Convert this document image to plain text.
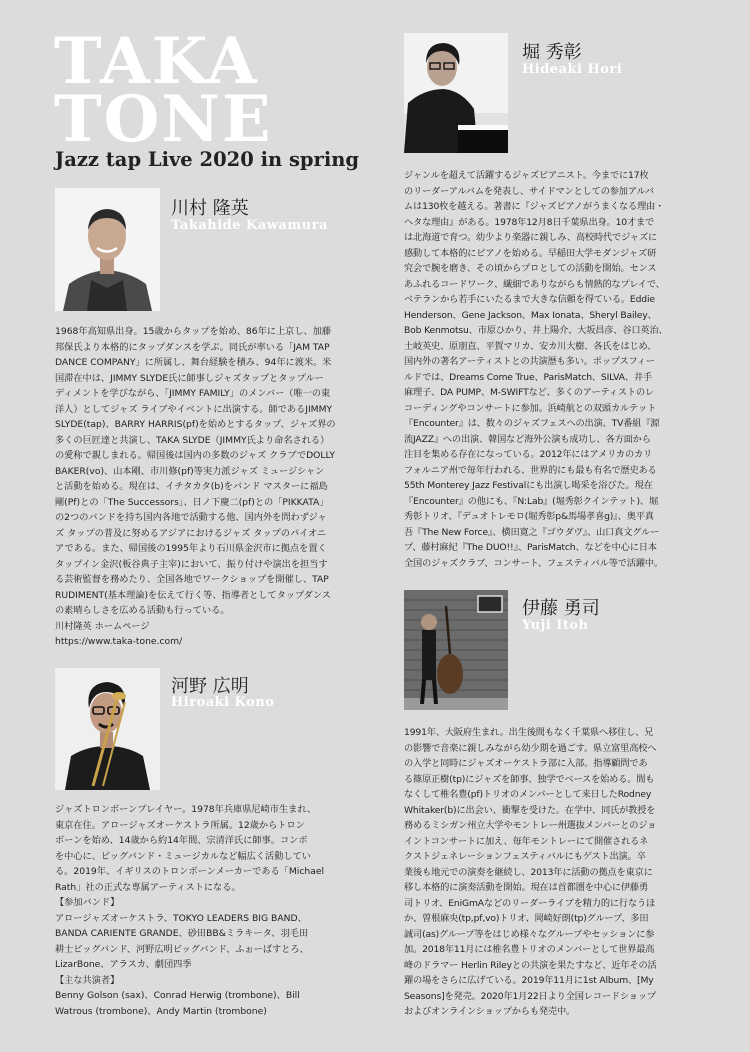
TAKA
TONE
Jazz tap Live 2020 in spring
川村 隆英
Takahide Kawamura

1968年高知県出身。15歳からタップを始め、86年に上京し、加藤

邦保氏より本格的にタップダンスを学ぶ。同氏が率いる「JAM TAP

DANCE COMPANY」に所属し、舞台経験を積み、94年に渡米。米

国滞在中は、JIMMY SLYDE氏に師事しジャズタップとタップルー

ディメントを学びながら、「JIMMY FAMILY」のメンバー（唯一の東

洋人）としてジャズ ライブやイベントに出演する。師であるJIMMY

SLYDE(tap)、BARRY HARRIS(pf)を始めとするタップ、ジャズ界の

多くの巨匠達と共演し、TAKA SLYDE（JIMMY氏より命名される）

の愛称で親しまれる。帰国後は国内の多数のジャズ クラブでDOLLY

BAKER(vo)、山本剛、市川修(pf)等実力派ジャズ ミュージシャン

と活動を始める。現在は、イチタカタ(b)をバンド マスターに福島

剛(Pf)との「The Successors」、日ノ下慶二(pf)との「PIKKATA」

の2つのバンドを持ち国内各地で活動する他、国内外を問わずジャ

ズ タップの普及に努めるアジアにおけるジャズ タップのパイオニ

アである。また、帰国後の1995年より石川県金沢市に拠点を置く

タップイン金沢(板谷典子主宰)において、振り付けや演出を担当す

る芸術監督を務めたり、全国各地でワークショップを開催し、TAP

RUDIMENT(基本理論)を伝えて行く等、指導者としてタップダンス

の素晴らしさを広める活動も行っている。

川村隆英 ホームページ

https://www.taka-tone.com/

河野 広明
Hiroaki Kono

ジャズトロンボーンプレイヤー。1978年兵庫県尼崎市生まれ、

東京在住。アロージャズオーケストラ所属。12歳からトロン

ボーンを始め、14歳から約14年間、宗清洋氏に師事。コンボ

を中心に、ビッグバンド・ミュージカルなど幅広く活動してい

る。2019年、イギリスのトロンボーンメーカーである「Michael

Rath」社の正式な専属アーティストになる。

【参加バンド】

アロージャズオーケストラ、TOKYO LEADERS BIG BAND、

BANDA CARIENTE GRANDE、砂田BB&ミラキータ、羽毛田

耕士ビッグバンド、河野広明ビッグバンド、ふぉーばすとろ、

LizarBone、アラスカ、劇団四季

【主な共演者】

Benny Golson (sax)、Conrad Herwig (trombone)、Bill

Watrous (trombone)、Andy Martin (trombone)

堀 秀彰
Hideaki Hori

ジャンルを超えて活躍するジャズピアニスト。今までに17枚

のリーダーアルバムを発表し、サイドマンとしての参加アルバ

ムは130枚を越える。著書に『ジャズピアノがうまくなる理由・

ヘタな理由』がある。1978年12月8日千葉県出身。10才まで

は北海道で育つ。幼少より楽器に親しみ、高校時代でジャズに

感動して本格的にピアノを始める。早稲田大学モダンジャズ研

究会で腕を磨き、その頃からプロとしての活動を開始。センス

あふれるコードワーク、繊細でありながらも情熱的なプレイで、

ベテランから若手にいたるまで大きな信頼を得ている。Eddie

Henderson、Gene Jackson、Max Ionata、Sheryl Bailey、

Bob Kenmotsu、市原ひかり、井上陽介、大坂昌彦、谷口英治、

土岐英史、原朋直、平賀マリカ、安カ川大樹、各氏をはじめ、

国内外の著名アーティストとの共演歴も多い。ポップスフィー

ルドでは、Dreams Come True、ParisMatch、SILVA、井手

麻理子、DA PUMP、M-SWIFTなど、多くのアーティストのレ

コーディングやコンサートに参加。浜崎航との双頭カルテット

『Encounter』は、数々のジャズフェスへの出演、TV番組『源

流JAZZ』への出演、韓国など海外公演も成功し、各方面から

注目を集める存在になっている。2012年にはアメリカのカリ

フォルニア州で毎年行われる、世界的にも最も有名で歴史ある

55th Monterey Jazz Festivalにも出演し喝采を浴びた。現在

『Encounter』の他にも、『N:Lab』(堀秀彰クインテット)、堀

秀彰トリオ、『デュオトレモロ(堀秀彰p&馬場孝喜g)』、奥平真

吾『The New Force』、横田寛之『ゴウダヴ』、山口真文グルー

プ、藤村麻紀『The DUO!!』、ParisMatch、などを中心に日本

全国のジャズクラブ、コンサート、フェスティバル等で活躍中。

伊藤 勇司
Yuji Itoh

1991年、大阪府生まれ。出生後間もなく千葉県へ移住し、兄

の影響で音楽に親しみながら幼少期を過ごす。県立富里高校へ

の入学と同時にジャズオーケストラ部に入部。指導顧問であ

る篠原正樹(tp)にジャズを師事、独学でベースを始める。間も

なくして椎名豊(pf)トリオのメンバーとして来日したRodney

Whitaker(b)に出会い、衝撃を受けた。在学中、同氏が教授を

務めるミシガン州立大学やモントレー州選抜メンバーとのジョ

イントコンサートに加え、毎年モントレーにて開催されるネ

クストジェネレーションフェスティバルにもゲスト出演。卒

業後も地元での演奏を継続し、2013年に活動の拠点を東京に

移し本格的に演奏活動を開始。現在は首都圏を中心に伊藤勇

司トリオ、EniGmAなどのリーダーライブを精力的に行なうほ

か、曽根麻央(tp,pf,vo)トリオ、岡崎好朗(tp)グループ、多田

誠司(as)グループ等をはじめ様々なグループやセッションに参

加。2018年11月には椎名豊トリオのメンバーとして世界最高

峰のドラマー Herlin Rileyとの共演を果たすなど、近年その活

躍の場をさらに広げている。2019年11月に1st Album、[My

Seasons]を発売。2020年1月22日より全国レコードショップ

およびオンラインショップからも発売中。
